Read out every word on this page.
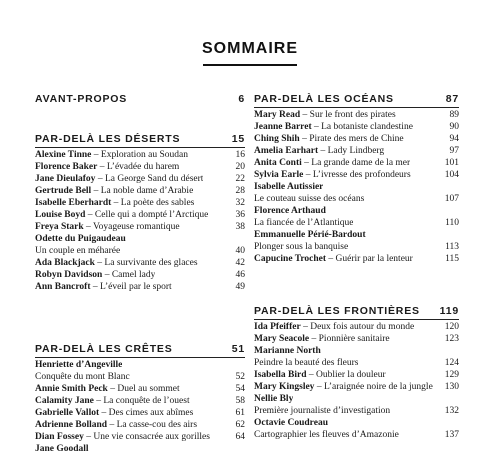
SOMMAIRE
AVANT-PROPOS	6
PAR-DELÀ LES DÉSERTS	15
Alexine Tinne – Exploration au Soudan	16
Florence Baker – L’évadée du harem	20
Jane Dieulafoy – La George Sand du désert	22
Gertrude Bell – La noble dame d’Arabie	28
Isabelle Eberhardt – La poète des sables	32
Louise Boyd – Celle qui a dompté l’Arctique	36
Freya Stark – Voyageuse romantique	38
Odette du Puigaudeau
Un couple en méharée	40
Ada Blackjack – La survivante des glaces	42
Robyn Davidson – Camel lady	46
Ann Bancroft – L’éveil par le sport	49
PAR-DELÀ LES CRÊTES	51
Henriette d’Angeville
Conquête du mont Blanc	52
Annie Smith Peck – Duel au sommet	54
Calamity Jane – La conquête de l’ouest	58
Gabrielle Vallot – Des cimes aux abîmes	61
Adrienne Bolland – La casse-cou des airs	62
Dian Fossey – Une vie consacrée aux gorilles	64
Jane Goodall
PAR-DELÀ LES OCÉANS	87
Mary Read – Sur le front des pirates	89
Jeanne Barret – La botaniste clandestine	90
Ching Shih – Pirate des mers de Chine	94
Amelia Earhart – Lady Lindberg	97
Anita Conti – La grande dame de la mer	101
Sylvia Earle – L’ivresse des profondeurs	104
Isabelle Autissier
Le couteau suisse des océans	107
Florence Arthaud
La fiancée de l’Atlantique	110
Emmanuelle Périé-Bardout
Plonger sous la banquise	113
Capucine Trochet – Guérir par la lenteur	115
PAR-DELÀ LES FRONTIÈRES 119
Ida Pfeiffer – Deux fois autour du monde	120
Mary Seacole – Pionnière sanitaire	123
Marianne North
Peindre la beauté des fleurs	124
Isabella Bird – Oublier la douleur	129
Mary Kingsley – L’araignée noire de la jungle	130
Nellie Bly
Première journaliste d’investigation	132
Octavie Coudreau
Cartographier les fleuves d’Amazonie	137
